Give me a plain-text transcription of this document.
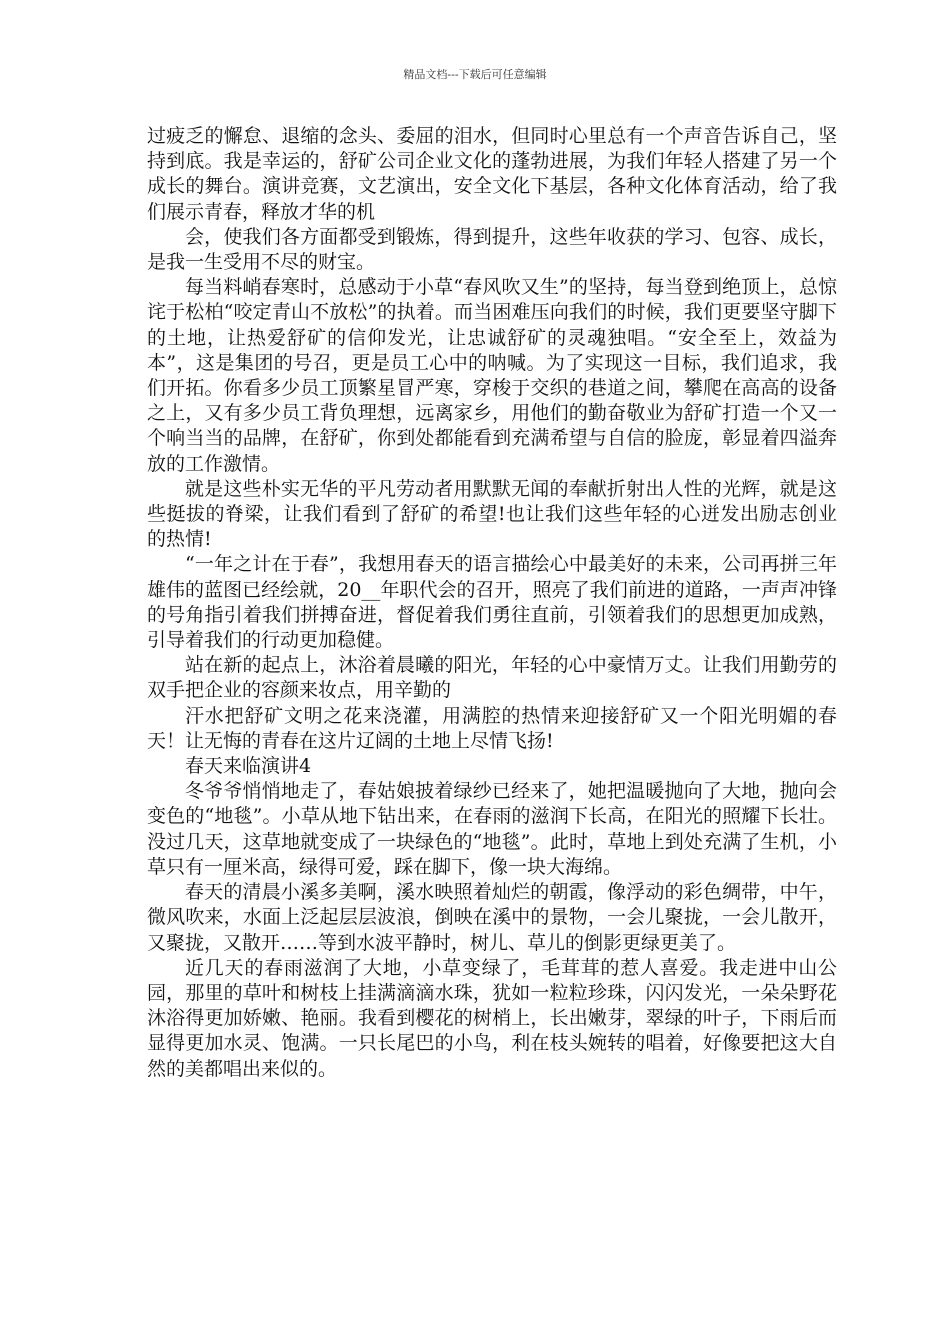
精品文档---下载后可任意编辑

过疲乏的懈怠、退缩的念头、委屈的泪水，但同时心里总有一个声音告诉自己，坚持到底。我是幸运的，舒矿公司企业文化的蓬勃进展，为我们年轻人搭建了另一个成长的舞台。演讲竞赛，文艺演出，安全文化下基层，各种文化体育活动，给了我们展示青春，释放才华的机

会，使我们各方面都受到锻炼，得到提升，这些年收获的学习、包容、成长，是我一生受用不尽的财宝。

每当料峭春寒时，总感动于小草“春风吹又生”的坚持，每当登到绝顶上，总惊诧于松柏“咬定青山不放松”的执着。而当困难压向我们的时候，我们更要坚守脚下的土地，让热爱舒矿的信仰发光，让忠诚舒矿的灵魂独唱。“安全至上，效益为本”，这是集团的号召，更是员工心中的呐喊。为了实现这一目标，我们追求，我们开拓。你看多少员工顶繁星冒严寒，穿梭于交织的巷道之间，攀爬在高高的设备之上，又有多少员工背负理想，远离家乡，用他们的勤奋敬业为舒矿打造一个又一个响当当的品牌，在舒矿，你到处都能看到充满希望与自信的脸庞，彰显着四溢奔放的工作激情。

就是这些朴实无华的平凡劳动者用默默无闻的奉献折射出人性的光辉，就是这些挺拔的脊梁，让我们看到了舒矿的希望!也让我们这些年轻的心迸发出励志创业的热情!

“一年之计在于春”，我想用春天的语言描绘心中最美好的未来，公司再拼三年雄伟的蓝图已经绘就，20__年职代会的召开，照亮了我们前进的道路，一声声冲锋的号角指引着我们拼搏奋进，督促着我们勇往直前，引领着我们的思想更加成熟，引导着我们的行动更加稳健。

站在新的起点上，沐浴着晨曦的阳光，年轻的心中豪情万丈。让我们用勤劳的双手把企业的容颜来妆点，用辛勤的

汗水把舒矿文明之花来浇灌，用满腔的热情来迎接舒矿又一个阳光明媚的春天！让无悔的青春在这片辽阔的土地上尽情飞扬!

春天来临演讲4

冬爷爷悄悄地走了，春姑娘披着绿纱已经来了，她把温暖抛向了大地，抛向会变色的“地毯”。小草从地下钻出来，在春雨的滋润下长高，在阳光的照耀下长壮。没过几天，这草地就变成了一块绿色的“地毯”。此时，草地上到处充满了生机，小草只有一厘米高，绿得可爱，踩在脚下，像一块大海绵。

春天的清晨小溪多美啊，溪水映照着灿烂的朝霞，像浮动的彩色绸带，中午，微风吹来，水面上泛起层层波浪，倒映在溪中的景物，一会儿聚拢，一会儿散开，又聚拢，又散开……等到水波平静时，树儿、草儿的倒影更绿更美了。

近几天的春雨滋润了大地，小草变绿了，毛茸茸的惹人喜爱。我走进中山公园，那里的草叶和树枝上挂满滴滴水珠，犹如一粒粒珍珠，闪闪发光，一朵朵野花沐浴得更加娇嫩、艳丽。我看到樱花的树梢上，长出嫩芽，翠绿的叶子，下雨后而显得更加水灵、饱满。一只长尾巴的小鸟，利在枝头婉转的唱着，好像要把这大自然的美都唱出来似的。
